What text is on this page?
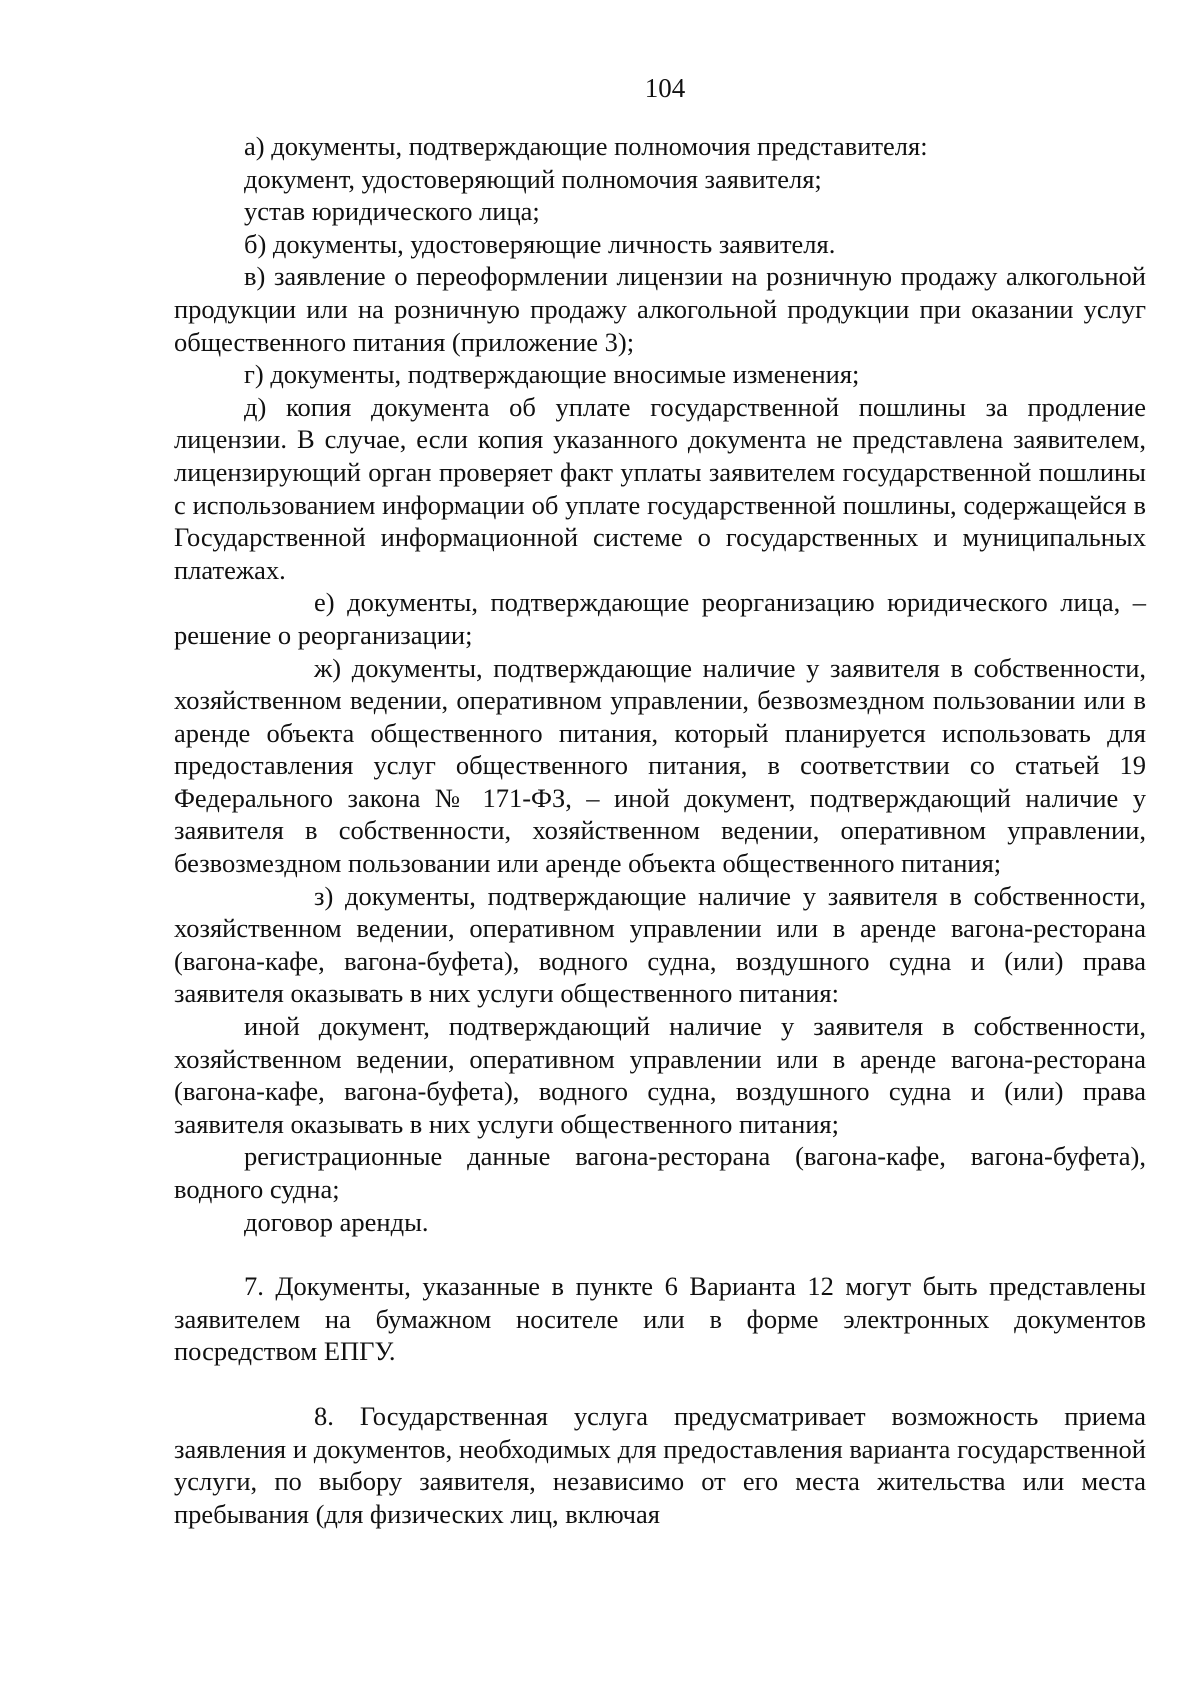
104

а) документы, подтверждающие полномочия представителя:

документ, удостоверяющий полномочия заявителя;

устав юридического лица;

б) документы, удостоверяющие личность заявителя.

в) заявление о переоформлении лицензии на розничную продажу алкогольной продукции или на розничную продажу алкогольной продукции при оказании услуг общественного питания (приложение 3);

г) документы, подтверждающие вносимые изменения;

д) копия документа об уплате государственной пошлины за продление лицензии. В случае, если копия указанного документа не представлена заявителем, лицензирующий орган проверяет факт уплаты заявителем государственной пошлины с использованием информации об уплате государственной пошлины, содержащейся в Государственной информационной системе о государственных и муниципальных платежах.

е) документы, подтверждающие реорганизацию юридического лица, – решение о реорганизации;

ж) документы, подтверждающие наличие у заявителя в собственности, хозяйственном ведении, оперативном управлении, безвозмездном пользовании или в аренде объекта общественного питания, который планируется использовать для предоставления услуг общественного питания, в соответствии со статьей 19 Федерального закона № 171-ФЗ, – иной документ, подтверждающий наличие у заявителя в собственности, хозяйственном ведении, оперативном управлении, безвозмездном пользовании или аренде объекта общественного питания;

з) документы, подтверждающие наличие у заявителя в собственности, хозяйственном ведении, оперативном управлении или в аренде вагона-ресторана (вагона-кафе, вагона-буфета), водного судна, воздушного судна и (или) права заявителя оказывать в них услуги общественного питания:

иной документ, подтверждающий наличие у заявителя в собственности, хозяйственном ведении, оперативном управлении или в аренде вагона-ресторана (вагона-кафе, вагона-буфета), водного судна, воздушного судна и (или) права заявителя оказывать в них услуги общественного питания;

регистрационные данные вагона-ресторана (вагона-кафе, вагона-буфета), водного судна;

договор аренды.

7. Документы, указанные в пункте 6 Варианта 12 могут быть представлены заявителем на бумажном носителе или в форме электронных документов посредством ЕПГУ.

8. Государственная услуга предусматривает возможность приема заявления и документов, необходимых для предоставления варианта государственной услуги, по выбору заявителя, независимо от его места жительства или места пребывания (для физических лиц, включая
